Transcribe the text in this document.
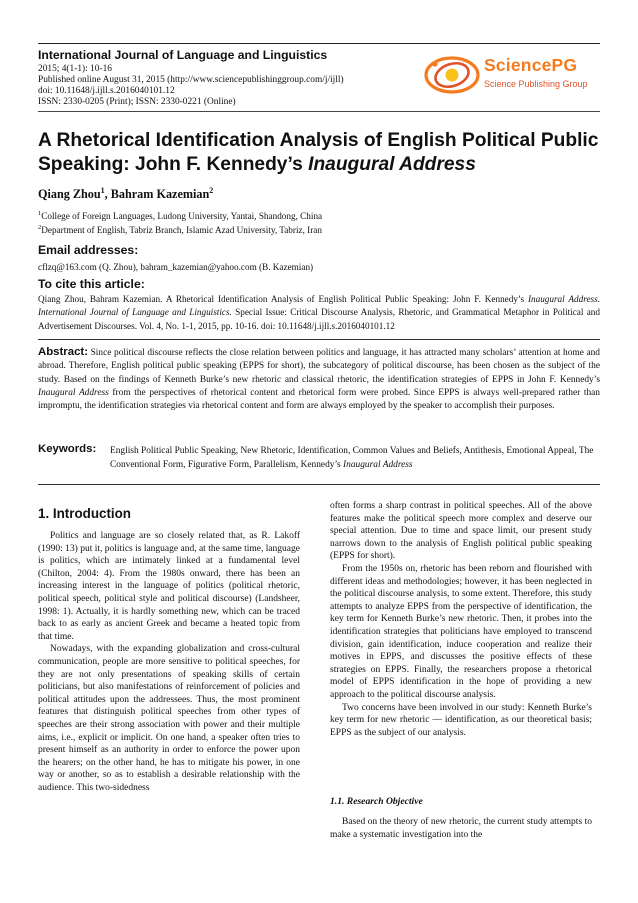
International Journal of Language and Linguistics
2015; 4(1-1): 10-16
Published online August 31, 2015 (http://www.sciencepublishinggroup.com/j/ijll)
doi: 10.11648/j.ijll.s.2016040101.12
ISSN: 2330-0205 (Print); ISSN: 2330-0221 (Online)
SciencePG
Science Publishing Group
A Rhetorical Identification Analysis of English Political Public Speaking: John F. Kennedy’s Inaugural Address
Qiang Zhou$^1$, Bahram Kazemian$^2$
$^1$College of Foreign Languages, Ludong University, Yantai, Shandong, China
$^2$Department of English, Tabriz Branch, Islamic Azad University, Tabriz, Iran
Email addresses:
cflzq@163.com (Q. Zhou), bahram_kazemian@yahoo.com (B. Kazemian)
To cite this article:
Qiang Zhou, Bahram Kazemian. A Rhetorical Identification Analysis of English Political Public Speaking: John F. Kennedy’s Inaugural Address. International Journal of Language and Linguistics. Special Issue: Critical Discourse Analysis, Rhetoric, and Grammatical Metaphor in Political and Advertisement Discourses. Vol. 4, No. 1-1, 2015, pp. 10-16. doi: 10.11648/j.ijll.s.2016040101.12
Abstract: Since political discourse reflects the close relation between politics and language, it has attracted many scholars’ attention at home and abroad. Therefore, English political public speaking (EPPS for short), the subcategory of political discourse, has been chosen as the subject of the study. Based on the findings of Kenneth Burke’s new rhetoric and classical rhetoric, the identification strategies of EPPS in John F. Kennedy’s Inaugural Address from the perspectives of rhetorical content and rhetorical form were probed. Since EPPS is always well-prepared rather than impromptu, the identification strategies via rhetorical content and form are always employed by the speaker to accomplish their purposes.
Keywords: English Political Public Speaking, New Rhetoric, Identification, Common Values and Beliefs, Antithesis, Emotional Appeal, The Conventional Form, Figurative Form, Parallelism, Kennedy’s Inaugural Address
1. Introduction

Politics and language are so closely related that, as R. Lakoff (1990: 13) put it, politics is language and, at the same time, language is politics, which are intimately linked at a fundamental level (Chilton, 2004: 4). From the 1980s onward, there has been an increasing interest in the language of politics (political rhetoric, political speech, political style and political discourse) (Landsheer, 1998: 1). Actually, it is hardly something new, which can be traced back to as early as ancient Greek and became a heated topic from that time.

Nowadays, with the expanding globalization and cross-cultural communication, people are more sensitive to political speeches, for they are not only presentations of speaking skills of certain politicians, but also manifestations of reinforcement of policies and political attitudes upon the addressees. Thus, the most prominent features that distinguish political speeches from other types of speeches are their strong association with power and their multiple aims, i.e., explicit or implicit. On one hand, a speaker often tries to present himself as an authority in order to enforce the power upon the hearers; on the other hand, he has to mitigate his power, in one way or another, so as to establish a desirable relationship with the audience. This two-sidedness

often forms a sharp contrast in political speeches. All of the above features make the political speech more complex and deserve our special attention. Due to time and space limit, our present study narrows down to the analysis of English political public speaking (EPPS for short).

From the 1950s on, rhetoric has been reborn and flourished with different ideas and methodologies; however, it has been neglected in the political discourse analysis, to some extent. Therefore, this study attempts to analyze EPPS from the perspective of identification, the key term for Kenneth Burke’s new rhetoric. Then, it probes into the identification strategies that politicians have employed to transcend division, gain identification, induce cooperation and realize their motives in EPPS, and discusses the positive effects of these strategies on EPPS. Finally, the researchers propose a rhetorical model of EPPS identification in the hope of providing a new approach to the political discourse analysis.

Two concerns have been involved in our study: Kenneth Burke’s key term for new rhetoric — identification, as our theoretical basis; EPPS as the subject of our analysis.

1.1. Research Objective

Based on the theory of new rhetoric, the current study attempts to make a systematic investigation into the
